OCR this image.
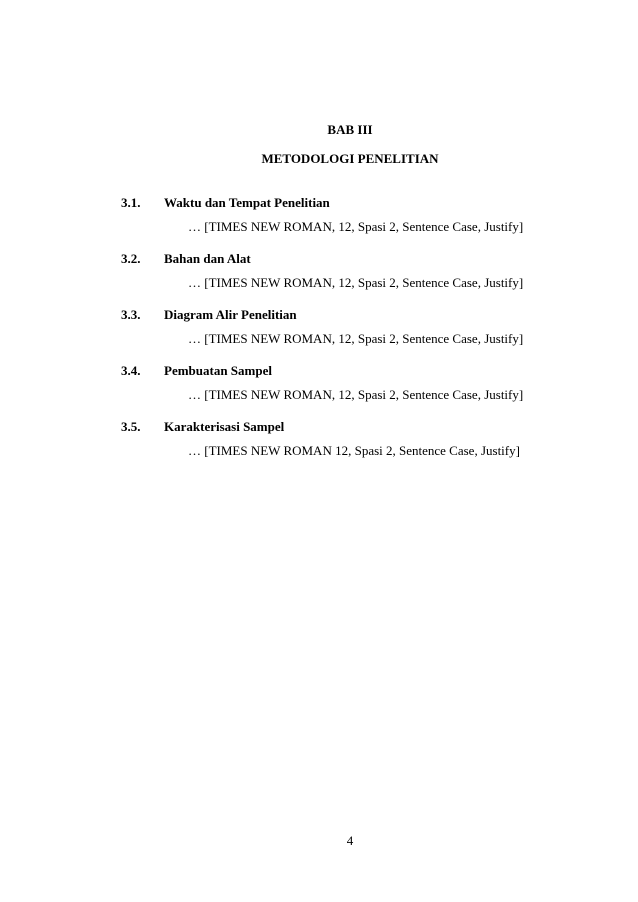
BAB III
METODOLOGI PENELITIAN
3.1. Waktu dan Tempat Penelitian
… [TIMES NEW ROMAN, 12, Spasi 2, Sentence Case, Justify]
3.2. Bahan dan Alat
… [TIMES NEW ROMAN, 12, Spasi 2, Sentence Case, Justify]
3.3. Diagram Alir Penelitian
… [TIMES NEW ROMAN, 12, Spasi 2, Sentence Case, Justify]
3.4. Pembuatan Sampel
… [TIMES NEW ROMAN, 12, Spasi 2, Sentence Case, Justify]
3.5. Karakterisasi Sampel
… [TIMES NEW ROMAN 12, Spasi 2, Sentence Case, Justify]
4
